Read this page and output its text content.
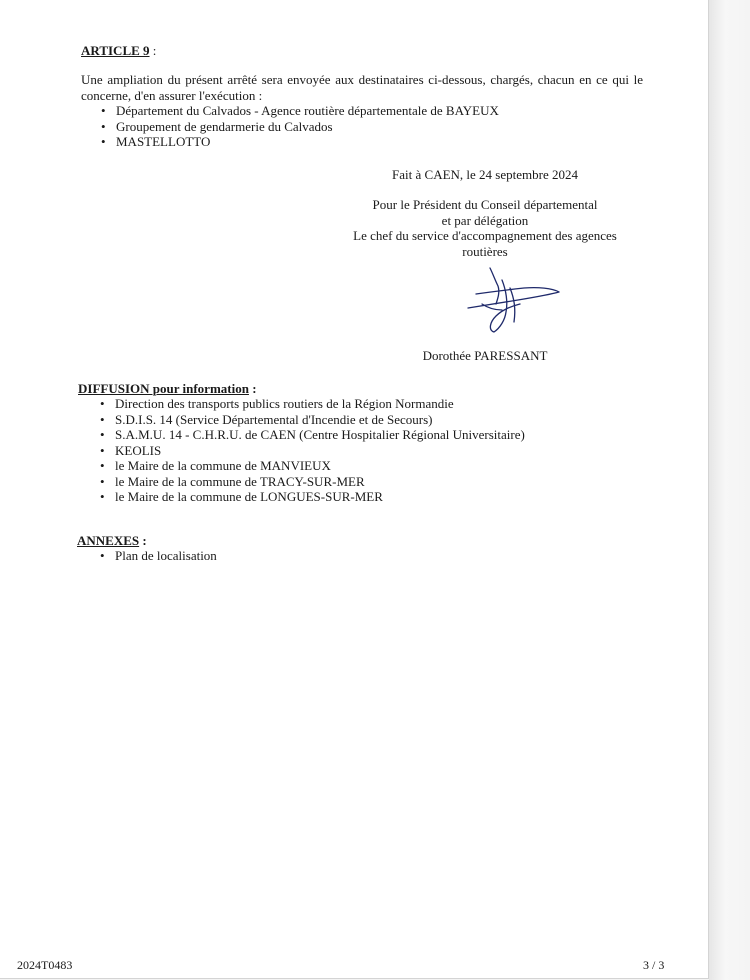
ARTICLE 9 :
Une ampliation du présent arrêté sera envoyée aux destinataires ci-dessous, chargés, chacun en ce qui le concerne, d'en assurer l'exécution :
• Département du Calvados - Agence routière départementale de BAYEUX
• Groupement de gendarmerie du Calvados
• MASTELLOTTO
Fait à CAEN, le 24 septembre 2024
Pour le Président du Conseil départemental
et par délégation
Le chef du service d'accompagnement des agences
routières
Dorothée PARESSANT
DIFFUSION pour information :
• Direction des transports publics routiers de la Région Normandie
• S.D.I.S. 14 (Service Départemental d'Incendie et de Secours)
• S.A.M.U. 14 - C.H.R.U. de CAEN (Centre Hospitalier Régional Universitaire)
• KEOLIS
• le Maire de la commune de MANVIEUX
• le Maire de la commune de TRACY-SUR-MER
• le Maire de la commune de LONGUES-SUR-MER
ANNEXES :
• Plan de localisation
2024T0483	3 / 3
